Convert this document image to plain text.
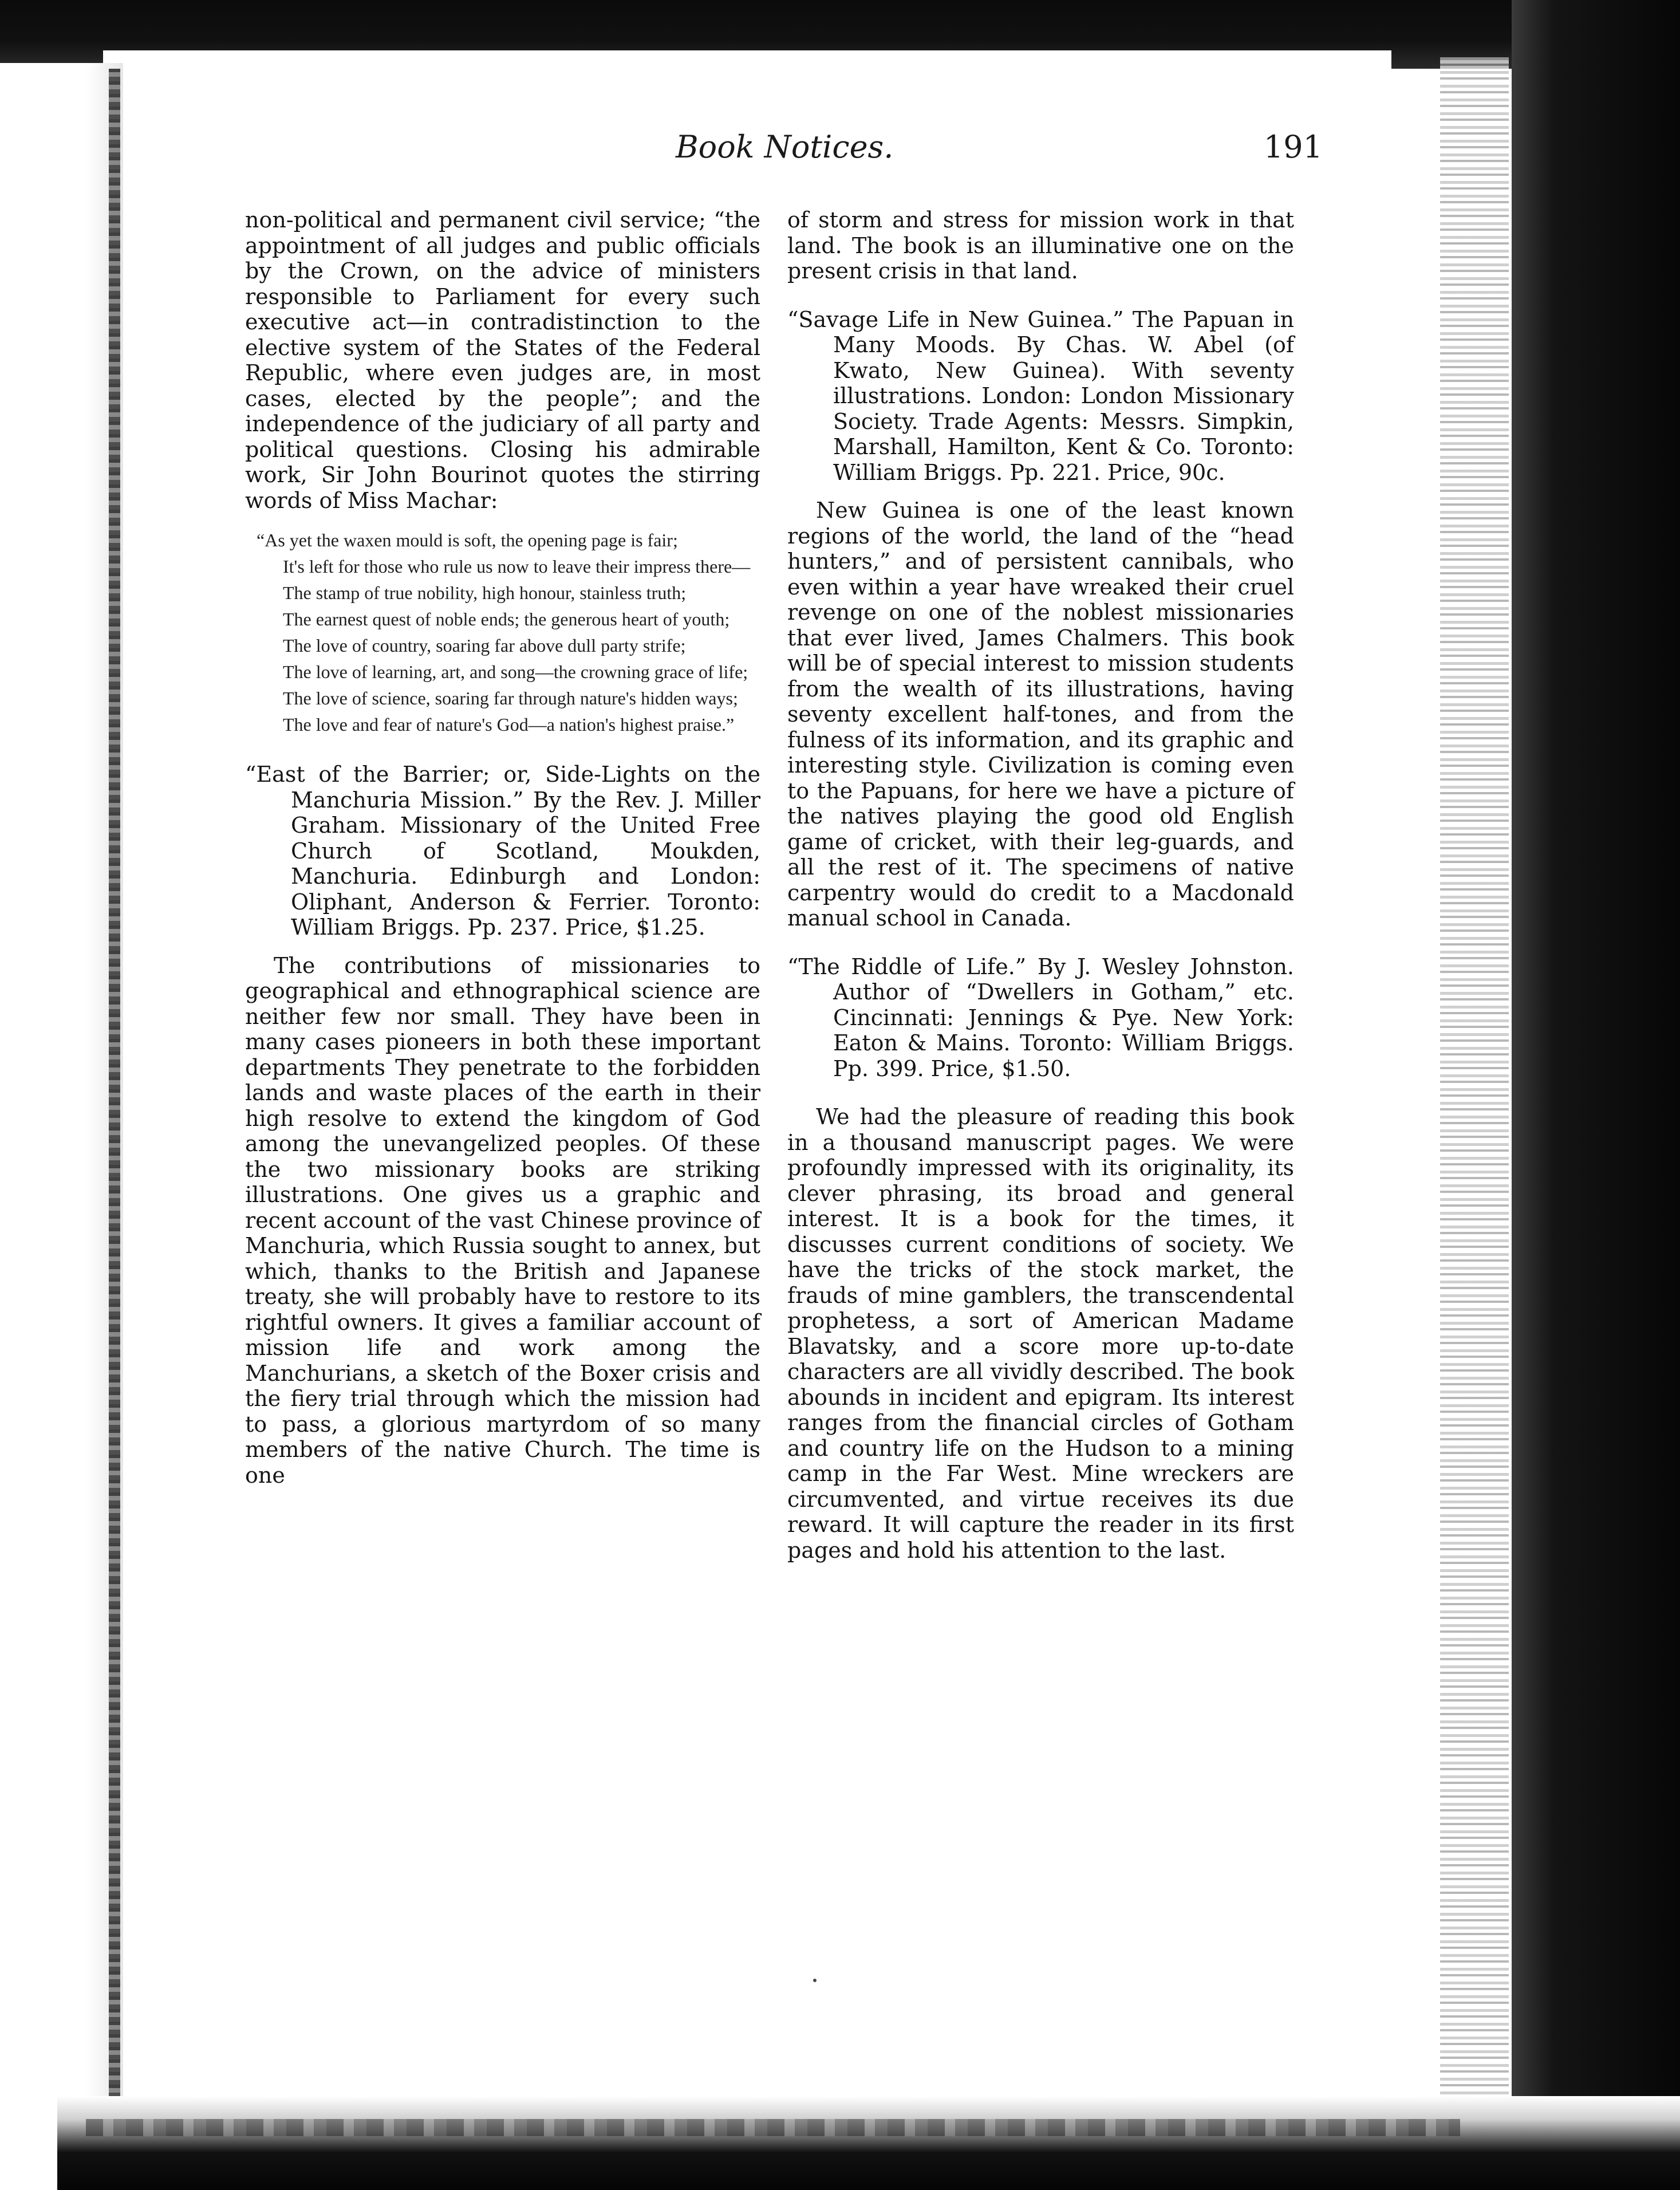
Book Notices.	191

non-political and permanent civil service; “the appointment of all judges and public officials by the Crown, on the advice of ministers responsible to Parliament for every such executive act—in contradistinction to the elective system of the States of the Federal Republic, where even judges are, in most cases, elected by the people”; and the independence of the judiciary of all party and political questions. Closing his admirable work, Sir John Bourinot quotes the stirring words of Miss Machar:

“As yet the waxen mould is soft, the opening page is fair;
It's left for those who rule us now to leave their impress there—
The stamp of true nobility, high honour, stainless truth;
The earnest quest of noble ends; the generous heart of youth;
The love of country, soaring far above dull party strife;
The love of learning, art, and song—the crowning grace of life;
The love of science, soaring far through nature's hidden ways;
The love and fear of nature's God—a nation's highest praise.”

“East of the Barrier; or, Side-Lights on the Manchuria Mission.” By the Rev. J. Miller Graham. Missionary of the United Free Church of Scotland, Moukden, Manchuria. Edinburgh and London: Oliphant, Anderson & Ferrier. Toronto: William Briggs. Pp. 237. Price, $1.25.

The contributions of missionaries to geographical and ethnographical science are neither few nor small. They have been in many cases pioneers in both these important departments They penetrate to the forbidden lands and waste places of the earth in their high resolve to extend the kingdom of God among the unevangelized peoples. Of these the two missionary books are striking illustrations. One gives us a graphic and recent account of the vast Chinese province of Manchuria, which Russia sought to annex, but which, thanks to the British and Japanese treaty, she will probably have to restore to its rightful owners. It gives a familiar account of mission life and work among the Manchurians, a sketch of the Boxer crisis and the fiery trial through which the mission had to pass, a glorious martyrdom of so many members of the native Church. The time is one

of storm and stress for mission work in that land. The book is an illuminative one on the present crisis in that land.

“Savage Life in New Guinea.” The Papuan in Many Moods. By Chas. W. Abel (of Kwato, New Guinea). With seventy illustrations. London: London Missionary Society. Trade Agents: Messrs. Simpkin, Marshall, Hamilton, Kent & Co. Toronto: William Briggs. Pp. 221. Price, 90c.

New Guinea is one of the least known regions of the world, the land of the “head hunters,” and of persistent cannibals, who even within a year have wreaked their cruel revenge on one of the noblest missionaries that ever lived, James Chalmers. This book will be of special interest to mission students from the wealth of its illustrations, having seventy excellent half-tones, and from the fulness of its information, and its graphic and interesting style. Civilization is coming even to the Papuans, for here we have a picture of the natives playing the good old English game of cricket, with their leg-guards, and all the rest of it. The specimens of native carpentry would do credit to a Macdonald manual school in Canada.

“The Riddle of Life.” By J. Wesley Johnston. Author of “Dwellers in Gotham,” etc. Cincinnati: Jennings & Pye. New York: Eaton & Mains. Toronto: William Briggs. Pp. 399. Price, $1.50.

We had the pleasure of reading this book in a thousand manuscript pages. We were profoundly impressed with its originality, its clever phrasing, its broad and general interest. It is a book for the times, it discusses current conditions of society. We have the tricks of the stock market, the frauds of mine gamblers, the transcendental prophetess, a sort of American Madame Blavatsky, and a score more up-to-date characters are all vividly described. The book abounds in incident and epigram. Its interest ranges from the financial circles of Gotham and country life on the Hudson to a mining camp in the Far West. Mine wreckers are circumvented, and virtue receives its due reward. It will capture the reader in its first pages and hold his attention to the last.
